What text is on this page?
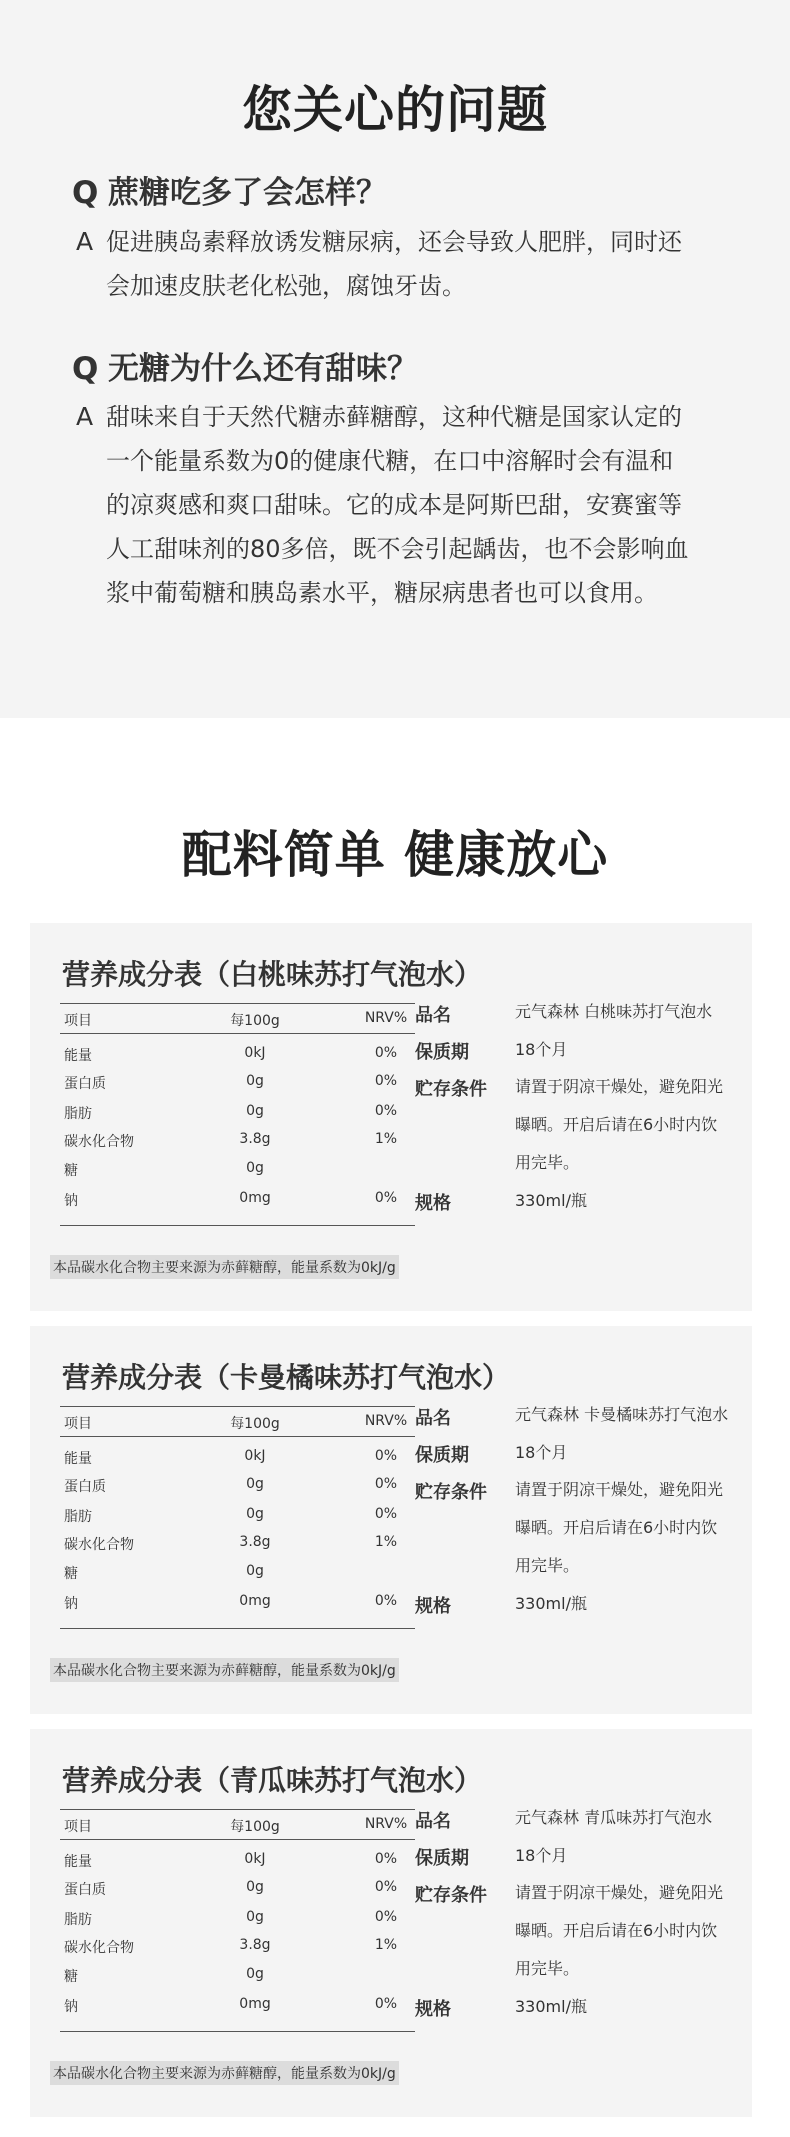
您关心的问题
Q 蔗糖吃多了会怎样？
A 促进胰岛素释放诱发糖尿病，还会导致人肥胖，同时还
会加速皮肤老化松弛，腐蚀牙齿。
Q 无糖为什么还有甜味？
A 甜味来自于天然代糖赤藓糖醇，这种代糖是国家认定的
一个能量系数为0的健康代糖，在口中溶解时会有温和
的凉爽感和爽口甜味。它的成本是阿斯巴甜，安赛蜜等
人工甜味剂的80多倍，既不会引起龋齿，也不会影响血
浆中葡萄糖和胰岛素水平，糖尿病患者也可以食用。
配料简单 健康放心
营养成分表（白桃味苏打气泡水）
项目	每100g	NRV%
能量	0kJ	0%
蛋白质	0g	0%
脂肪	0g	0%
碳水化合物	3.8g	1%
糖	0g
钠	0mg	0%
本品碳水化合物主要来源为赤藓糖醇，能量系数为0kJ/g
品名	元气森林 白桃味苏打气泡水
保质期	18个月
贮存条件 请置于阴凉干燥处，避免阳光
曝晒。开启后请在6小时内饮
用完毕。
规格	330ml/瓶
营养成分表（卡曼橘味苏打气泡水）
项目	每100g	NRV%
能量	0kJ	0%
蛋白质	0g	0%
脂肪	0g	0%
碳水化合物	3.8g	1%
糖	0g
钠	0mg	0%
本品碳水化合物主要来源为赤藓糖醇，能量系数为0kJ/g
品名	元气森林 卡曼橘味苏打气泡水
保质期	18个月
贮存条件 请置于阴凉干燥处，避免阳光
曝晒。开启后请在6小时内饮
用完毕。
规格	330ml/瓶
营养成分表（青瓜味苏打气泡水）
项目	每100g	NRV%
能量	0kJ	0%
蛋白质	0g	0%
脂肪	0g	0%
碳水化合物	3.8g	1%
糖	0g
钠	0mg	0%
本品碳水化合物主要来源为赤藓糖醇，能量系数为0kJ/g
品名	元气森林 青瓜味苏打气泡水
保质期	18个月
贮存条件 请置于阴凉干燥处，避免阳光
曝晒。开启后请在6小时内饮
用完毕。
规格	330ml/瓶
